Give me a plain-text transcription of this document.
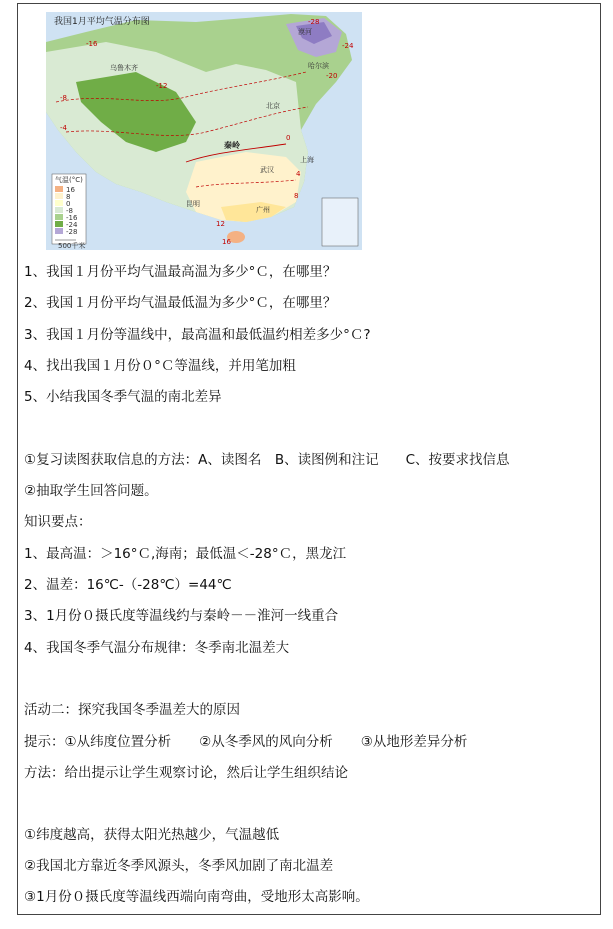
气温(°C)
16
8
0
-8
-16
-24
-28
500千米
我国1月平均气温分布图
漠河
哈尔滨
乌鲁木齐
北京
秦岭
上海
武汉
昆明
广州
-28
-24
-20
-16
-12
-8
-4
0
4
8
12
16
1、我国１月份平均气温最高温为多少°Ｃ，在哪里？
2、我国１月份平均气温最低温为多少°Ｃ，在哪里？
3、我国１月份等温线中，最高温和最低温约相差多少°Ｃ?
4、找出我国１月份０°Ｃ等温线，并用笔加粗
5、小结我国冬季气温的南北差异
①复习读图获取信息的方法：A、读图名　B、读图例和注记　　C、按要求找信息
②抽取学生回答问题。
知识要点：
1、最高温：＞16°Ｃ,海南；最低温＜-28°Ｃ，黑龙江
2、温差：16℃-（-28℃）=44℃
3、1月份０摄氏度等温线约与秦岭－－淮河一线重合
4、我国冬季气温分布规律：冬季南北温差大
活动二：探究我国冬季温差大的原因
提示：①从纬度位置分析 ②从冬季风的风向分析 ③从地形差异分析
方法：给出提示让学生观察讨论，然后让学生组织结论
①纬度越高，获得太阳光热越少，气温越低
②我国北方靠近冬季风源头，冬季风加剧了南北温差
③1月份０摄氏度等温线西端向南弯曲，受地形太高影响。
